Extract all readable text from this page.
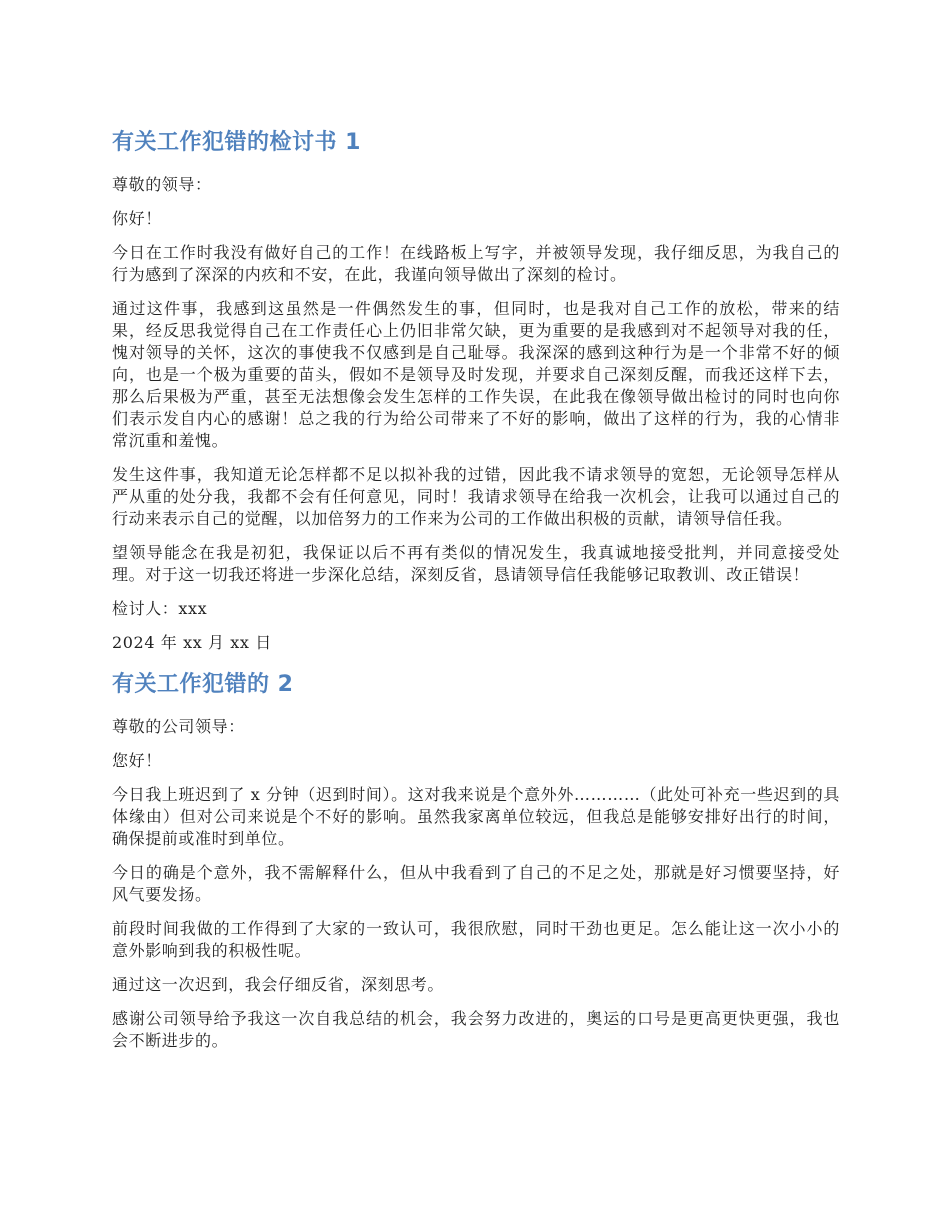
有关工作犯错的检讨书 1

尊敬的领导：

你好！

今日在工作时我没有做好自己的工作！在线路板上写字，并被领导发现，我仔细反思，为我自己的行为感到了深深的内疚和不安，在此，我谨向领导做出了深刻的检讨。

通过这件事，我感到这虽然是一件偶然发生的事，但同时，也是我对自己工作的放松，带来的结果，经反思我觉得自己在工作责任心上仍旧非常欠缺，更为重要的是我感到对不起领导对我的任，愧对领导的关怀，这次的事使我不仅感到是自己耻辱。我深深的感到这种行为是一个非常不好的倾向，也是一个极为重要的苗头，假如不是领导及时发现，并要求自己深刻反醒，而我还这样下去，那么后果极为严重，甚至无法想像会发生怎样的工作失误，在此我在像领导做出检讨的同时也向你们表示发自内心的感谢！总之我的行为给公司带来了不好的影响，做出了这样的行为，我的心情非常沉重和羞愧。

发生这件事，我知道无论怎样都不足以拟补我的过错，因此我不请求领导的宽恕，无论领导怎样从严从重的处分我，我都不会有任何意见，同时！我请求领导在给我一次机会，让我可以通过自己的行动来表示自己的觉醒，以加倍努力的工作来为公司的工作做出积极的贡献，请领导信任我。

望领导能念在我是初犯，我保证以后不再有类似的情况发生，我真诚地接受批判，并同意接受处理。对于这一切我还将进一步深化总结，深刻反省，恳请领导信任我能够记取教训、改正错误！

检讨人：xxx

2024 年 xx 月 xx 日

有关工作犯错的 2

尊敬的公司领导：

您好！

今日我上班迟到了 x 分钟（迟到时间）。这对我来说是个意外外…………（此处可补充一些迟到的具体缘由）但对公司来说是个不好的影响。虽然我家离单位较远，但我总是能够安排好出行的时间，确保提前或准时到单位。

今日的确是个意外，我不需解释什么，但从中我看到了自己的不足之处，那就是好习惯要坚持，好风气要发扬。

前段时间我做的工作得到了大家的一致认可，我很欣慰，同时干劲也更足。怎么能让这一次小小的意外影响到我的积极性呢。

通过这一次迟到，我会仔细反省，深刻思考。

感谢公司领导给予我这一次自我总结的机会，我会努力改进的，奥运的口号是更高更快更强，我也会不断进步的。
